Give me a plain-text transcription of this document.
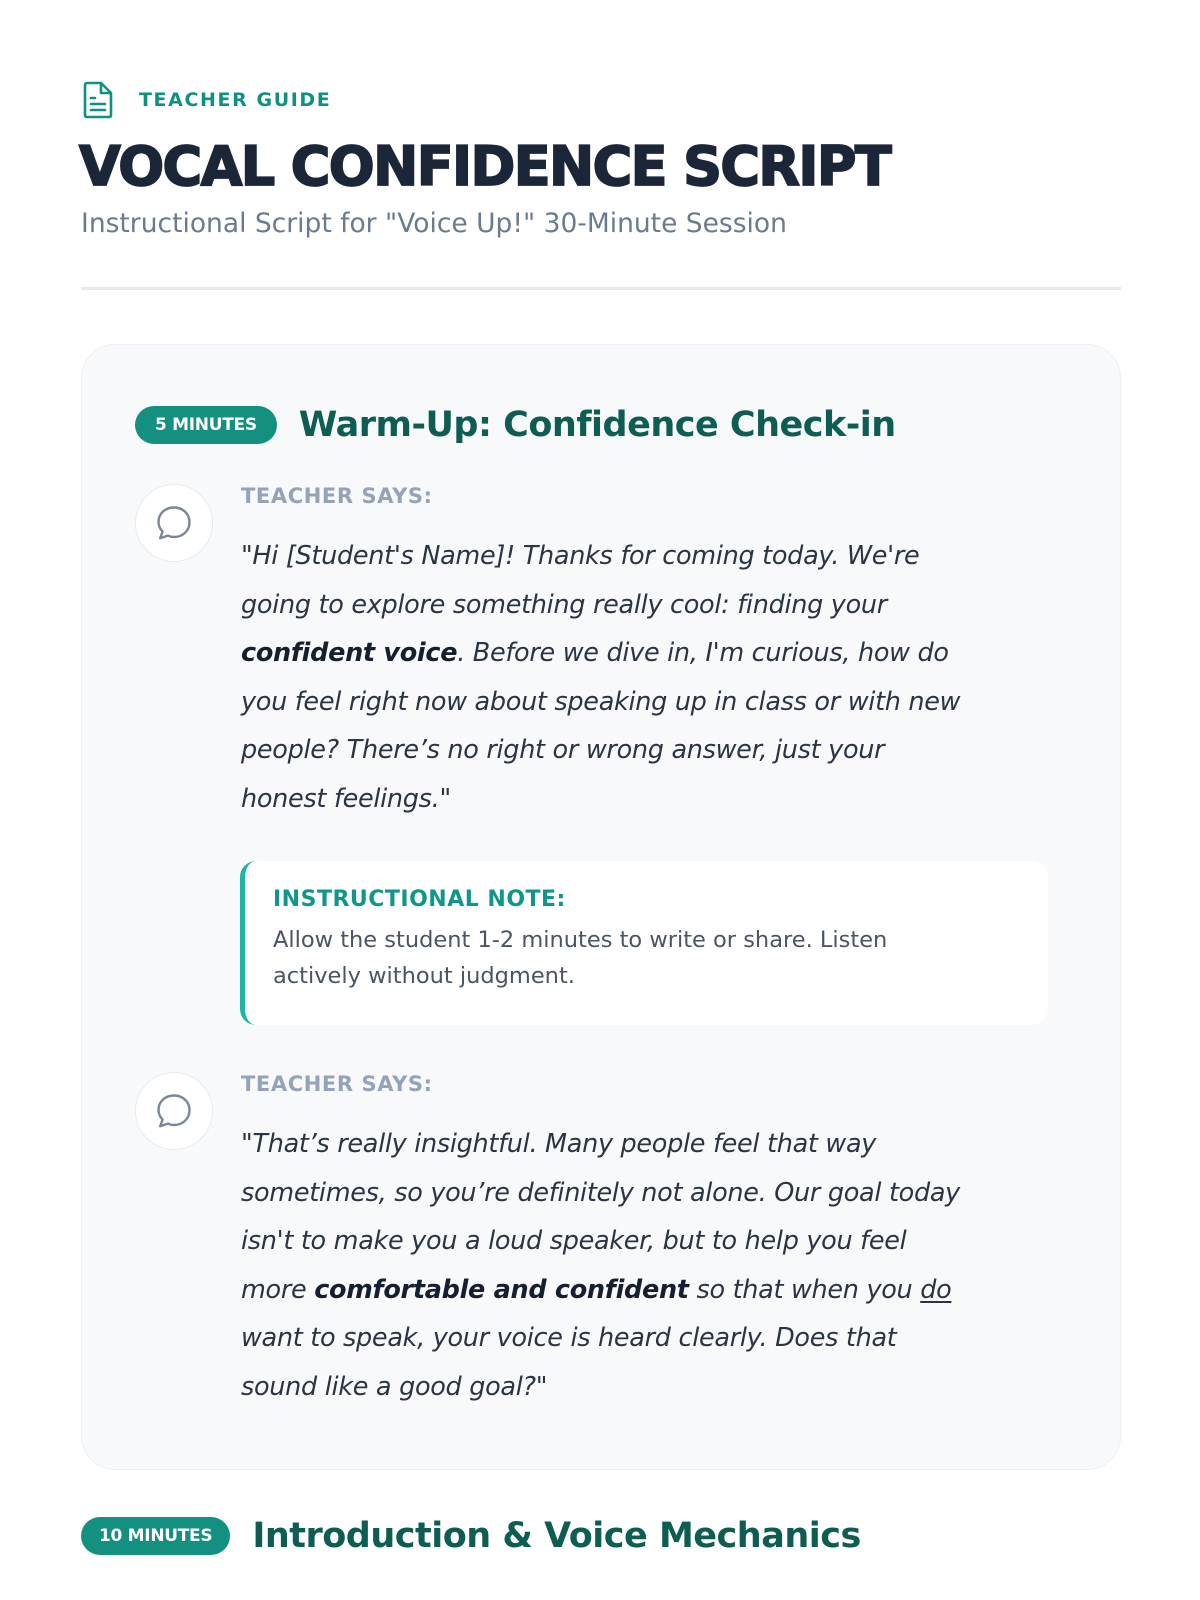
TEACHER GUIDE
VOCAL CONFIDENCE SCRIPT
Instructional Script for "Voice Up!" 30-Minute Session
5 MINUTES	Warm-Up: Confidence Check-in
TEACHER SAYS:

"Hi [Student's Name]! Thanks for coming today. We're
going to explore something really cool: finding your
confident voice. Before we dive in, I'm curious, how do
you feel right now about speaking up in class or with new
people? There’s no right or wrong answer, just your
honest feelings."

INSTRUCTIONAL NOTE:
Allow the student 1-2 minutes to write or share. Listen
actively without judgment.
TEACHER SAYS:

"That’s really insightful. Many people feel that way
sometimes, so you’re definitely not alone. Our goal today
isn't to make you a loud speaker, but to help you feel
more comfortable and confident so that when you do
want to speak, your voice is heard clearly. Does that
sound like a good goal?"

10 MINUTES	Introduction & Voice Mechanics
